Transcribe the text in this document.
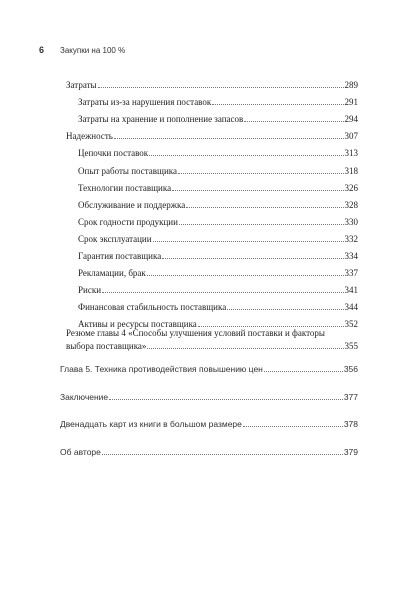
6 Закупки на 100 %
Затраты	289
Затраты из-за нарушения поставок	291
Затраты на хранение и пополнение запасов	294
Надежность	307
Цепочки поставок	313
Опыт работы поставщика	318
Технологии поставщика	326
Обслуживание и поддержка	328
Срок годности продукции	330
Срок эксплуатации	332
Гарантия поставщика	334
Рекламации, брак	337
Риски	341
Финансовая стабильность поставщика	344
Активы и ресурсы поставщика	352
Резюме главы 4 «Способы улучшения условий поставки и факторы
выбора поставщика»	355
Глава 5. Техника противодействия повышению цен	356
Заключение	377
Двенадцать карт из книги в большом размере	378
Об авторе	379
